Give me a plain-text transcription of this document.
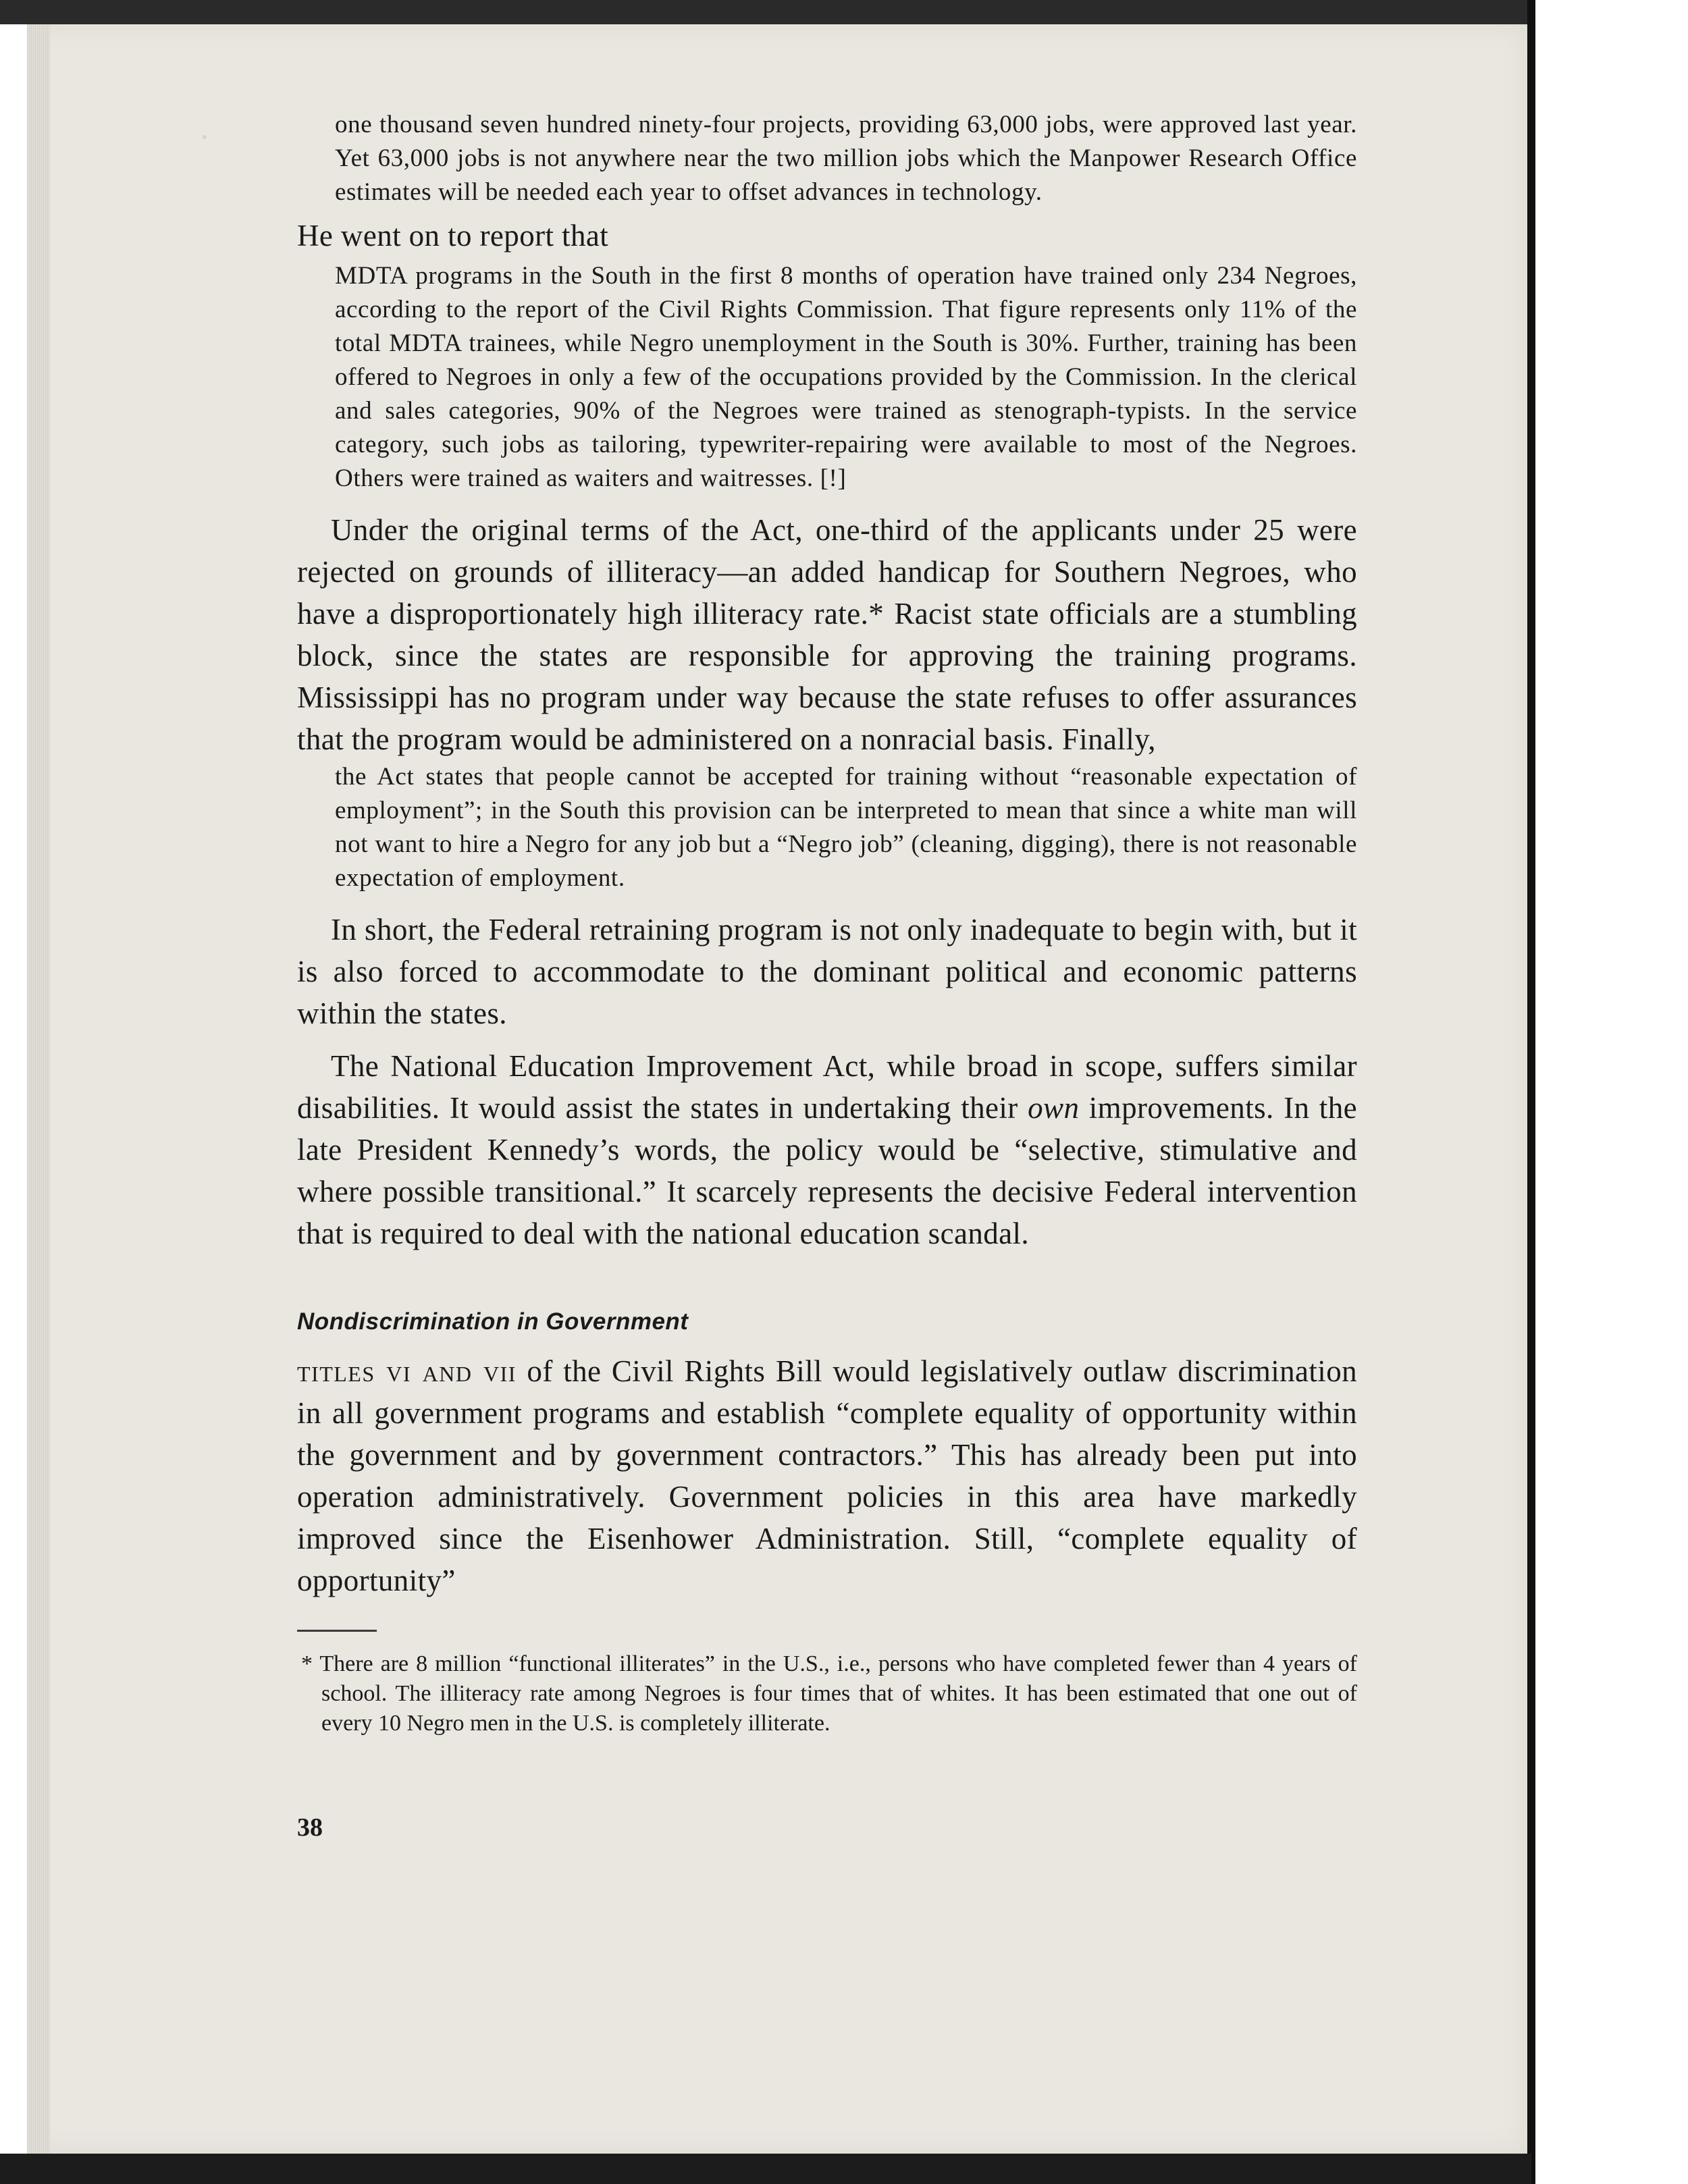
one thousand seven hundred ninety-four projects, providing 63,000 jobs, were approved last year. Yet 63,000 jobs is not anywhere near the two million jobs which the Manpower Research Office estimates will be needed each year to offset advances in technology.

He went on to report that

MDTA programs in the South in the first 8 months of operation have trained only 234 Negroes, according to the report of the Civil Rights Commission. That figure represents only 11% of the total MDTA trainees, while Negro unemployment in the South is 30%. Further, training has been offered to Negroes in only a few of the occupations provided by the Commission. In the clerical and sales categories, 90% of the Negroes were trained as stenograph-typists. In the service category, such jobs as tailoring, typewriter-repairing were available to most of the Negroes. Others were trained as waiters and waitresses. [!]

Under the original terms of the Act, one-third of the applicants under 25 were rejected on grounds of illiteracy—an added handicap for Southern Negroes, who have a disproportionately high illiteracy rate.* Racist state officials are a stumbling block, since the states are responsible for approving the training programs. Mississippi has no program under way because the state refuses to offer assurances that the program would be administered on a nonracial basis. Finally,

the Act states that people cannot be accepted for training without “reasonable expectation of employment”; in the South this provision can be interpreted to mean that since a white man will not want to hire a Negro for any job but a “Negro job” (cleaning, digging), there is not reasonable expectation of employment.

In short, the Federal retraining program is not only inadequate to begin with, but it is also forced to accommodate to the dominant political and economic patterns within the states.

The National Education Improvement Act, while broad in scope, suffers similar disabilities. It would assist the states in undertaking their own improvements. In the late President Kennedy’s words, the policy would be “selective, stimulative and where possible transitional.” It scarcely represents the decisive Federal intervention that is required to deal with the national education scandal.

Nondiscrimination in Government

titles vi and vii of the Civil Rights Bill would legislatively outlaw discrimination in all government programs and establish “complete equality of opportunity within the government and by government contractors.” This has already been put into operation administratively. Government policies in this area have markedly improved since the Eisenhower Administration. Still, “complete equality of opportunity”

* There are 8 million “functional illiterates” in the U.S., i.e., persons who have completed fewer than 4 years of school. The illiteracy rate among Negroes is four times that of whites. It has been estimated that one out of every 10 Negro men in the U.S. is completely illiterate.

38
